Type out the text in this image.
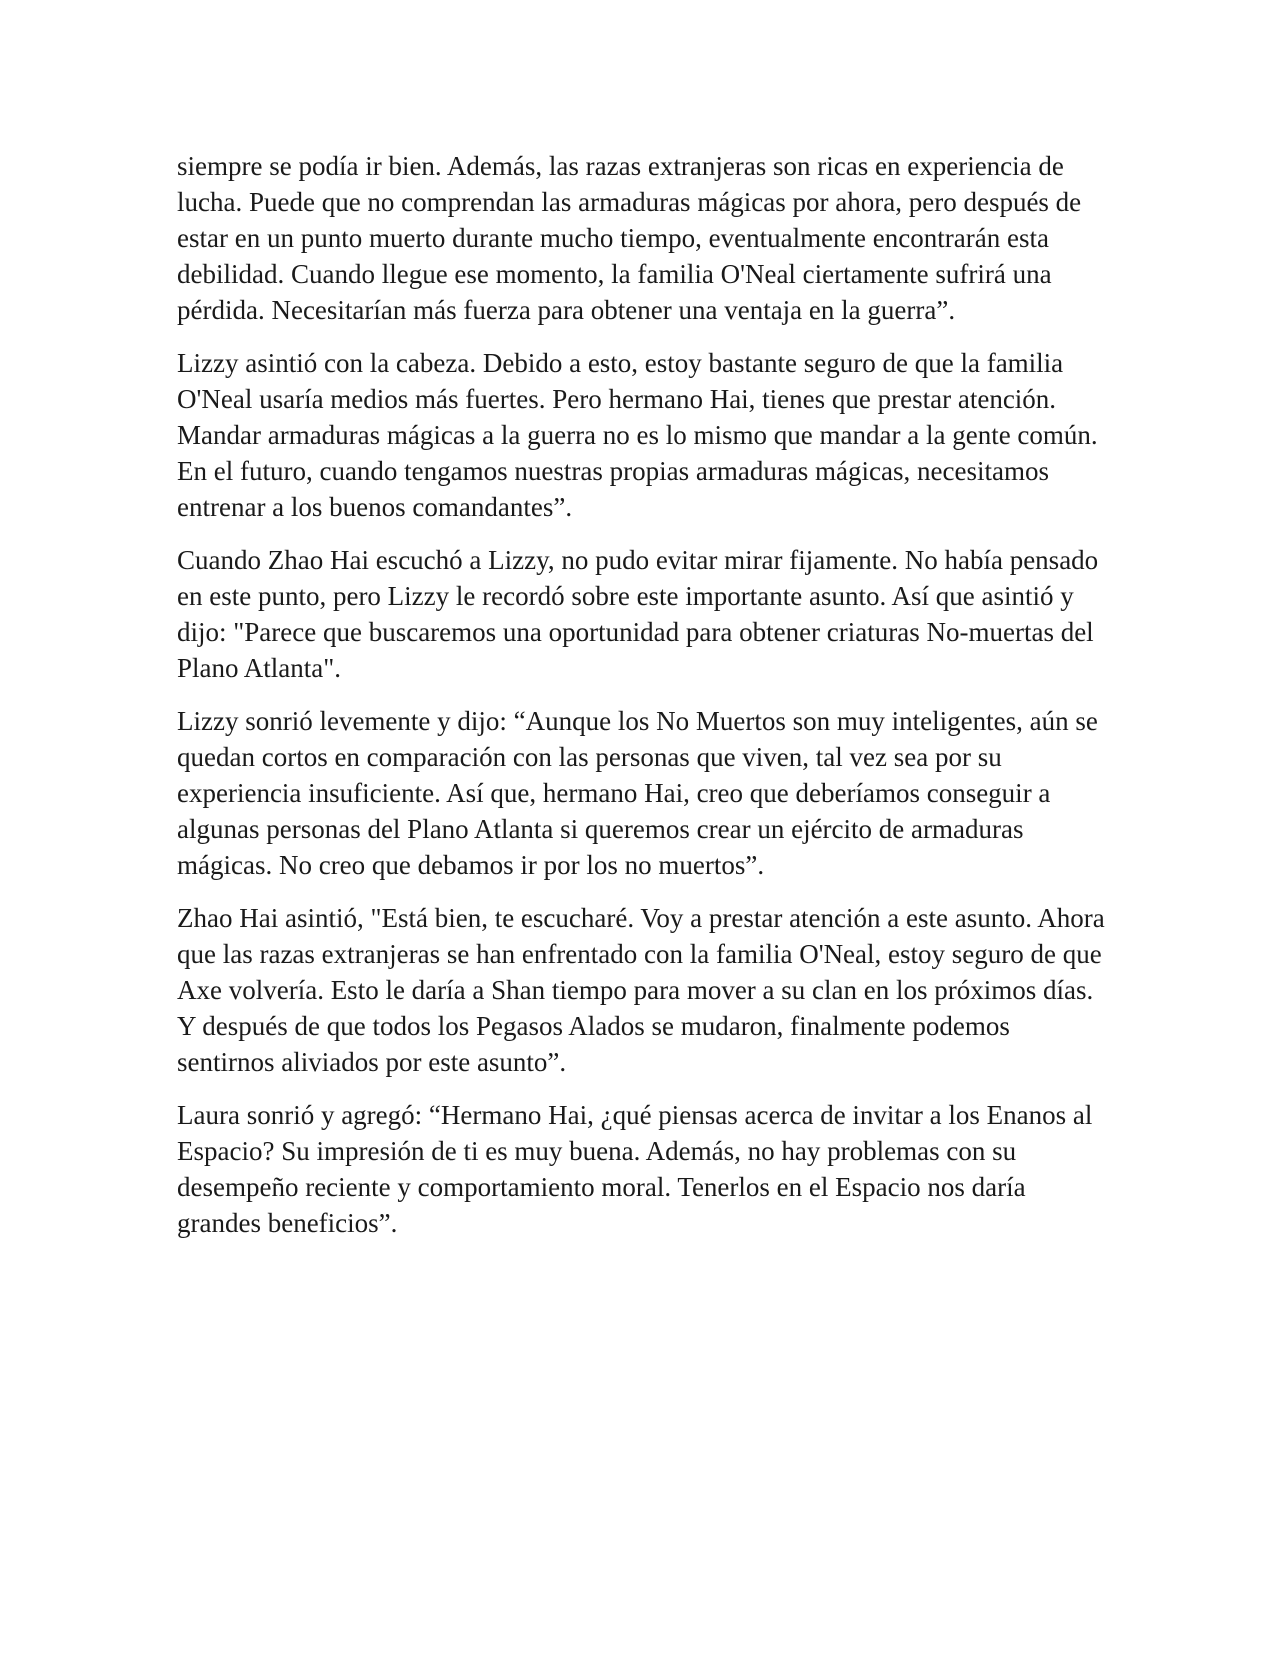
siempre se podía ir bien. Además, las razas extranjeras son ricas en experiencia de lucha. Puede que no comprendan las armaduras mágicas por ahora, pero después de estar en un punto muerto durante mucho tiempo, eventualmente encontrarán esta debilidad. Cuando llegue ese momento, la familia O'Neal ciertamente sufrirá una pérdida. Necesitarían más fuerza para obtener una ventaja en la guerra”.

Lizzy asintió con la cabeza. Debido a esto, estoy bastante seguro de que la familia O'Neal usaría medios más fuertes. Pero hermano Hai, tienes que prestar atención. Mandar armaduras mágicas a la guerra no es lo mismo que mandar a la gente común. En el futuro, cuando tengamos nuestras propias armaduras mágicas, necesitamos entrenar a los buenos comandantes”.

Cuando Zhao Hai escuchó a Lizzy, no pudo evitar mirar fijamente. No había pensado en este punto, pero Lizzy le recordó sobre este importante asunto. Así que asintió y dijo: "Parece que buscaremos una oportunidad para obtener criaturas No-muertas del Plano Atlanta".

Lizzy sonrió levemente y dijo: “Aunque los No Muertos son muy inteligentes, aún se quedan cortos en comparación con las personas que viven, tal vez sea por su experiencia insuficiente. Así que, hermano Hai, creo que deberíamos conseguir a algunas personas del Plano Atlanta si queremos crear un ejército de armaduras mágicas. No creo que debamos ir por los no muertos”.

Zhao Hai asintió, "Está bien, te escucharé. Voy a prestar atención a este asunto. Ahora que las razas extranjeras se han enfrentado con la familia O'Neal, estoy seguro de que Axe volvería. Esto le daría a Shan tiempo para mover a su clan en los próximos días. Y después de que todos los Pegasos Alados se mudaron, finalmente podemos sentirnos aliviados por este asunto”.

Laura sonrió y agregó: “Hermano Hai, ¿qué piensas acerca de invitar a los Enanos al Espacio? Su impresión de ti es muy buena. Además, no hay problemas con su desempeño reciente y comportamiento moral. Tenerlos en el Espacio nos daría grandes beneficios”.
